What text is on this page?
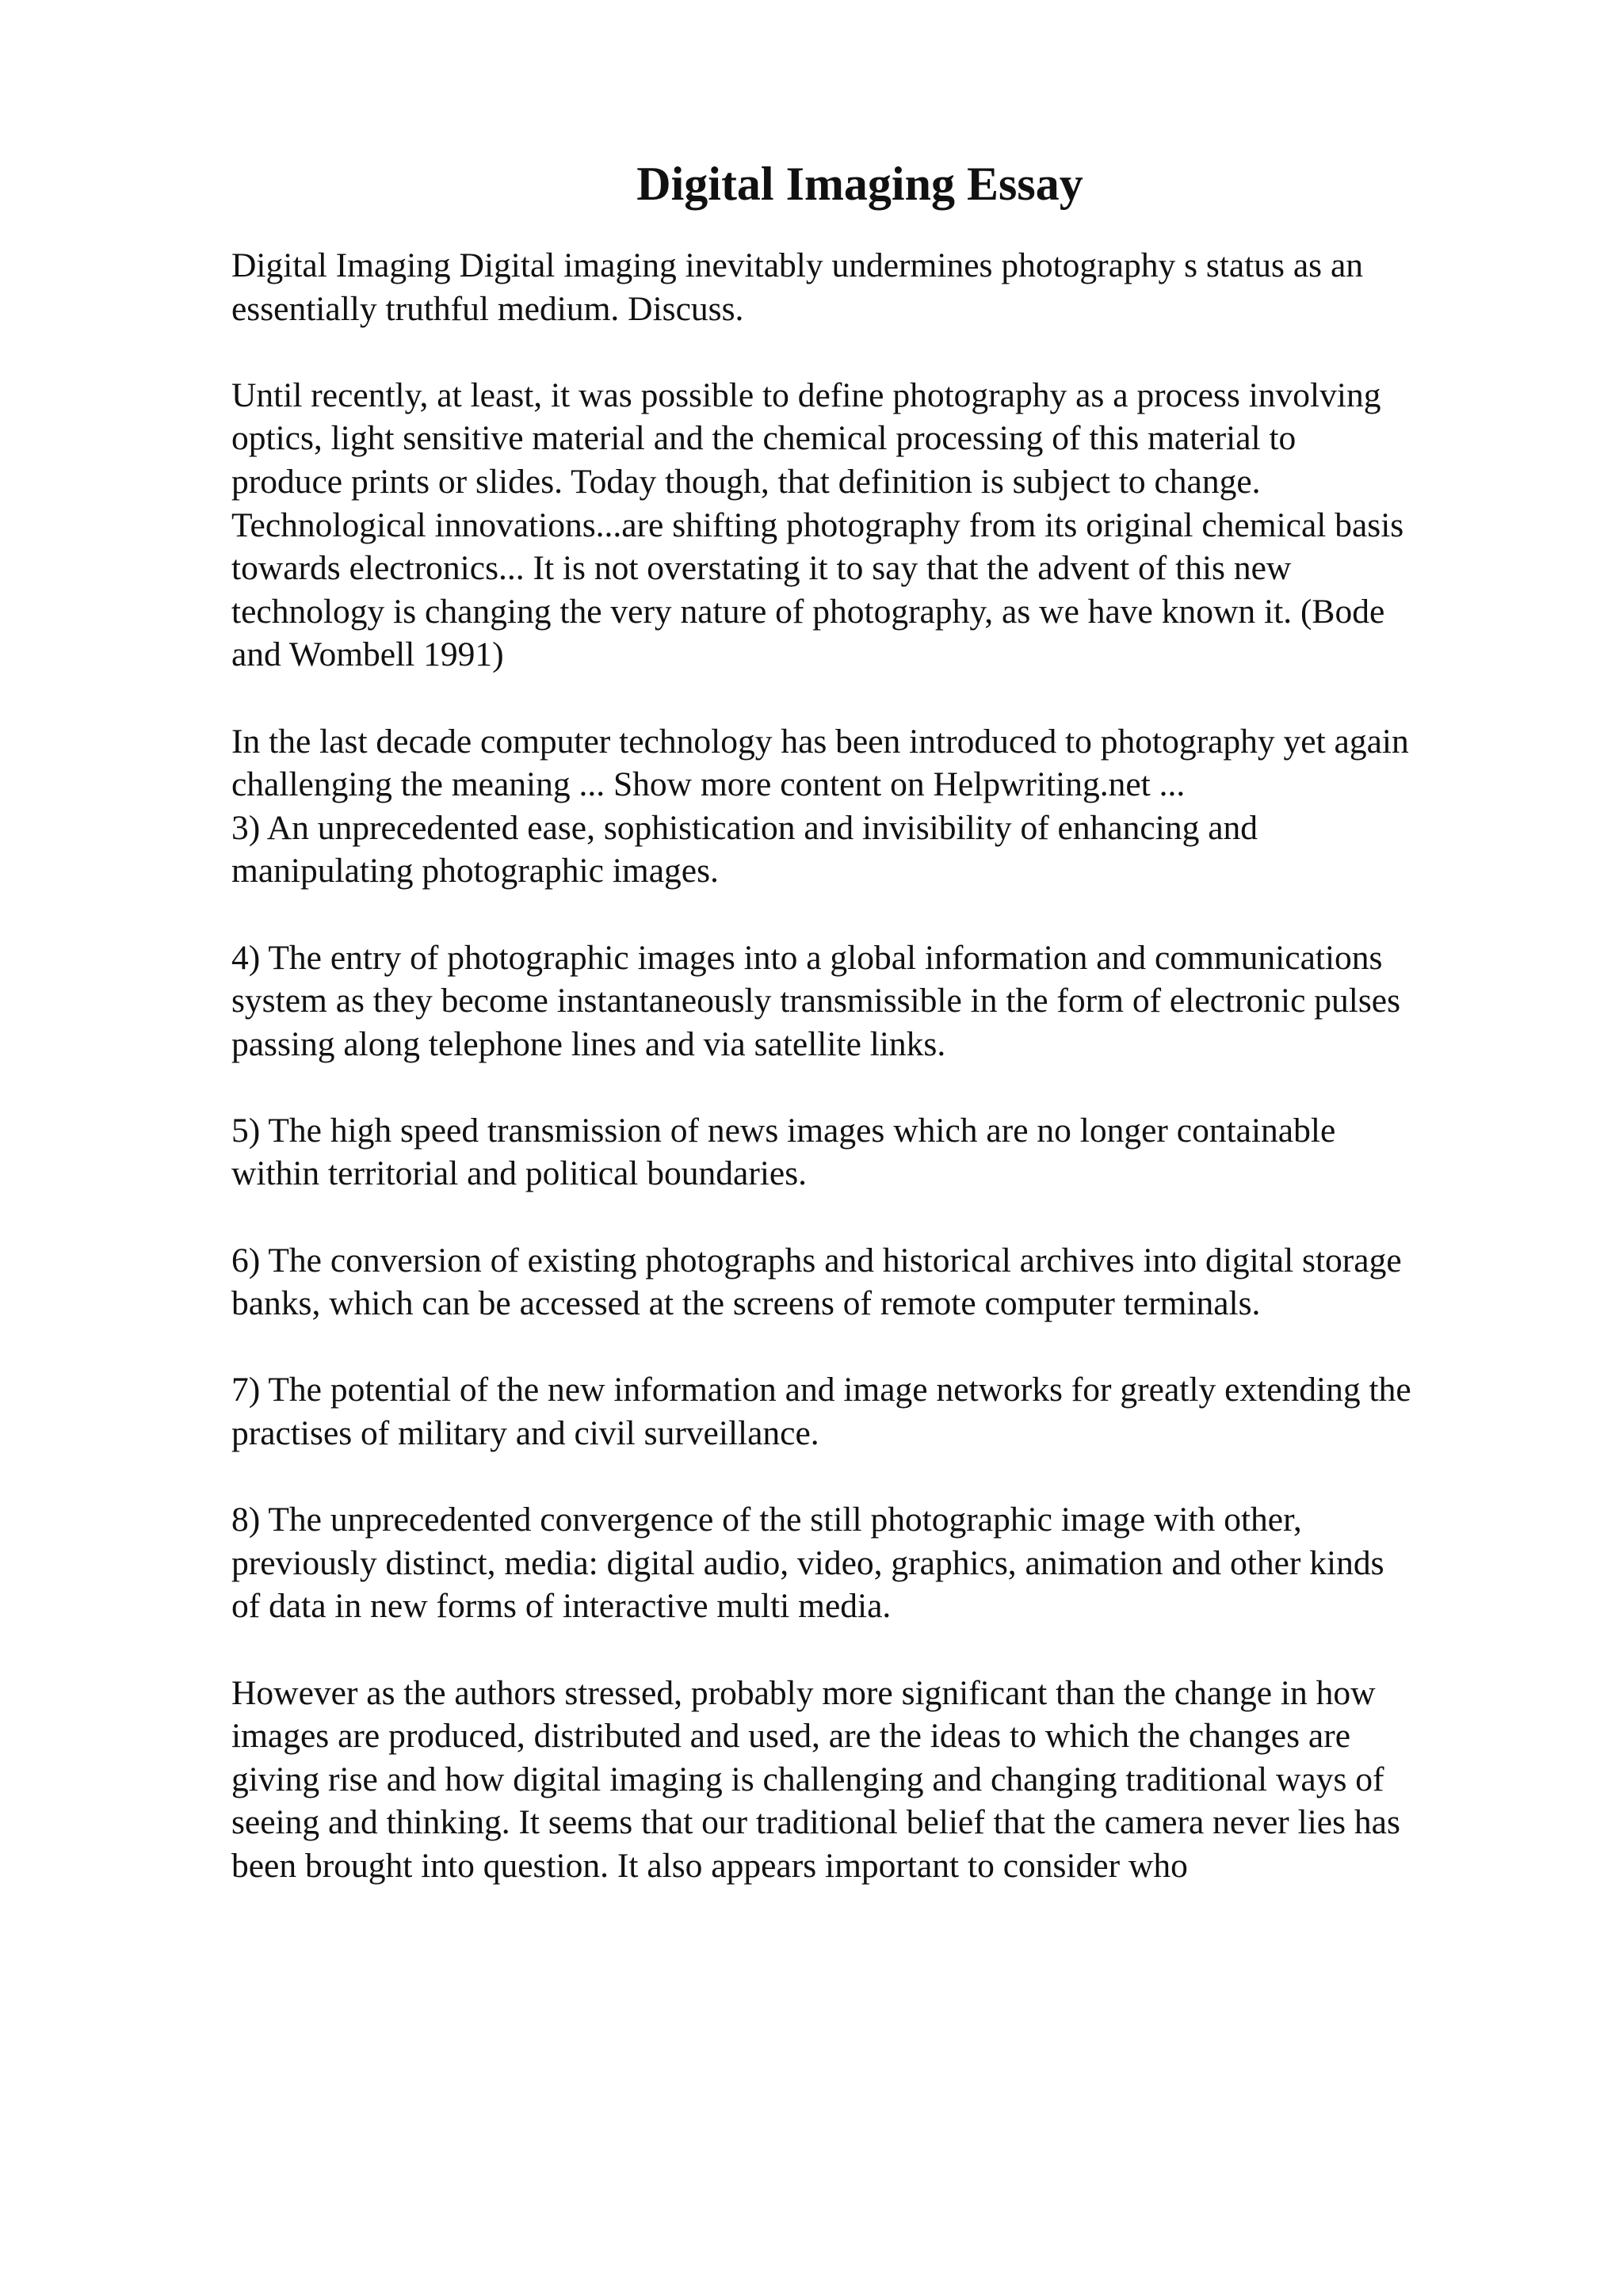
Digital Imaging Essay
Digital Imaging Digital imaging inevitably undermines photography s status as an
essentially truthful medium. Discuss.
Until recently, at least, it was possible to define photography as a process involving
optics, light sensitive material and the chemical processing of this material to
produce prints or slides. Today though, that definition is subject to change.
Technological innovations...are shifting photography from its original chemical basis
towards electronics... It is not overstating it to say that the advent of this new
technology is changing the very nature of photography, as we have known it. (Bode
and Wombell 1991)
In the last decade computer technology has been introduced to photography yet again
challenging the meaning ... Show more content on Helpwriting.net ...
3) An unprecedented ease, sophistication and invisibility of enhancing and
manipulating photographic images.
4) The entry of photographic images into a global information and communications
system as they become instantaneously transmissible in the form of electronic pulses
passing along telephone lines and via satellite links.
5) The high speed transmission of news images which are no longer containable
within territorial and political boundaries.
6) The conversion of existing photographs and historical archives into digital storage
banks, which can be accessed at the screens of remote computer terminals.
7) The potential of the new information and image networks for greatly extending the
practises of military and civil surveillance.
8) The unprecedented convergence of the still photographic image with other,
previously distinct, media: digital audio, video, graphics, animation and other kinds
of data in new forms of interactive multi media.
However as the authors stressed, probably more significant than the change in how
images are produced, distributed and used, are the ideas to which the changes are
giving rise and how digital imaging is challenging and changing traditional ways of
seeing and thinking. It seems that our traditional belief that the camera never lies has
been brought into question. It also appears important to consider who
